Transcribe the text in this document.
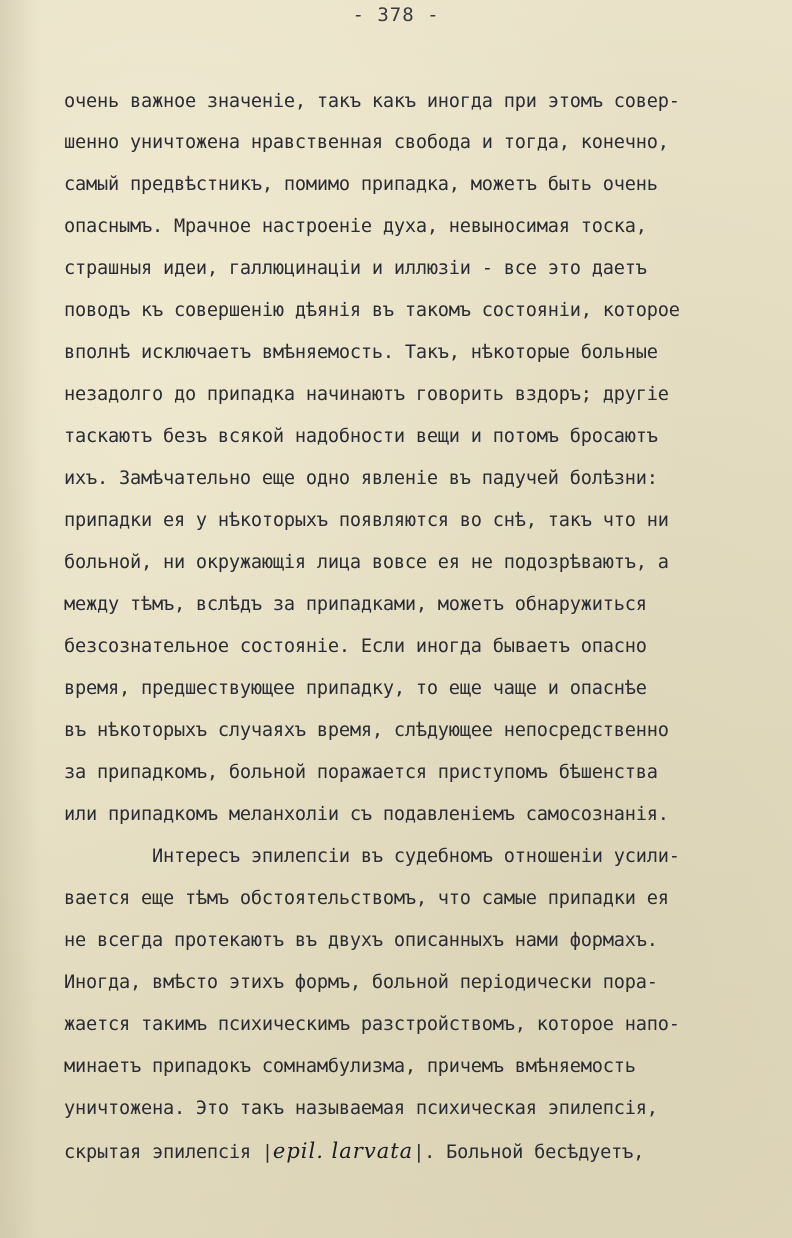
- 378 -
очень важное значеніе, такъ какъ иногда при этомъ совер-
шенно уничтожена нравственная свобода и тогда, конечно,
самый предвѣстникъ, помимо припадка, можетъ быть очень
опаснымъ. Мрачное настроеніе духа, невыносимая тоска,
страшныя идеи, галлюцинаціи и иллюзіи - все это даетъ
поводъ къ совершенію дѣянія въ такомъ состояніи, которое
вполнѣ исключаетъ вмѣняемость. Такъ, нѣкоторые больные
незадолго до припадка начинаютъ говорить вздоръ; другіе
таскаютъ безъ всякой надобности вещи и потомъ бросаютъ
ихъ. Замѣчательно еще одно явленіе въ падучей болѣзни:
припадки ея у нѣкоторыхъ появляются во снѣ, такъ что ни
больной, ни окружающія лица вовсе ея не подозрѣваютъ, а
между тѣмъ, вслѣдъ за припадками, можетъ обнаружиться
безсознательное состояніе. Если иногда бываетъ опасно
время, предшествующее припадку, то еще чаще и опаснѣе
въ нѣкоторыхъ случаяхъ время, слѣдующее непосредственно
за припадкомъ, больной поражается приступомъ бѣшенства
или припадкомъ меланхоліи съ подавленіемъ самосознанія.
Интересъ эпилепсіи въ судебномъ отношеніи усили-
вается еще тѣмъ обстоятельствомъ, что самые припадки ея
не всегда протекаютъ въ двухъ описанныхъ нами формахъ.
Иногда, вмѣсто этихъ формъ, больной періодически пора-
жается такимъ психическимъ разстройствомъ, которое напо-
минаетъ припадокъ сомнамбулизма, причемъ вмѣняемость
уничтожена. Это такъ называемая психическая эпилепсія,
скрытая эпилепсія |epil. larvata|. Больной бесѣдуетъ,
